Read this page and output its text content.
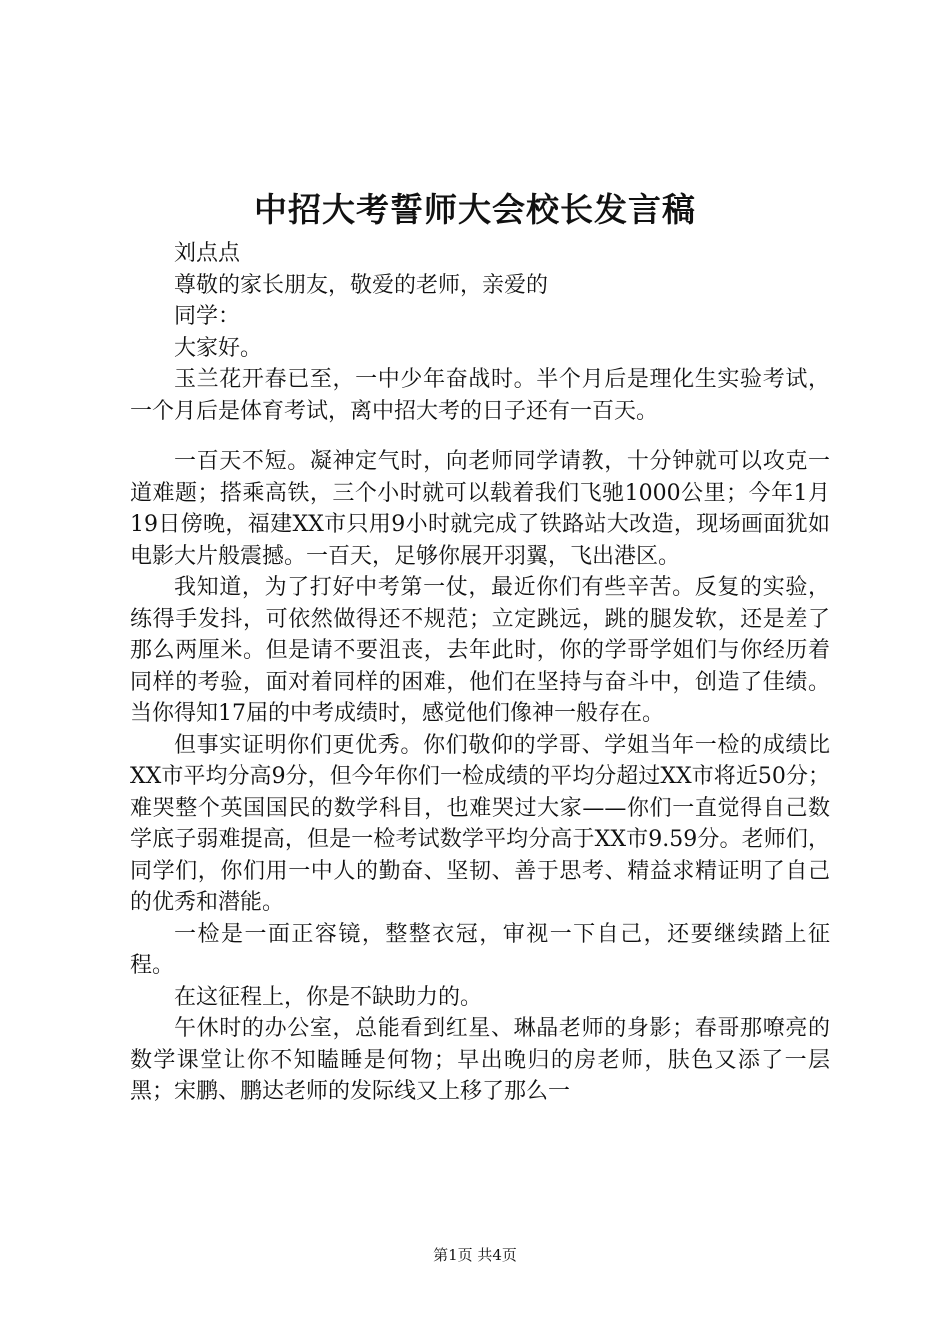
中招大考誓师大会校长发言稿

刘点点

尊敬的家长朋友，敬爱的老师，亲爱的

同学：

大家好。

玉兰花开春已至，一中少年奋战时。半个月后是理化生实验考试，一个月后是体育考试，离中招大考的日子还有一百天。

一百天不短。凝神定气时，向老师同学请教，十分钟就可以攻克一道难题；搭乘高铁，三个小时就可以载着我们飞驰1000公里；今年1月19日傍晚，福建XX市只用9小时就完成了铁路站大改造，现场画面犹如电影大片般震撼。一百天，足够你展开羽翼，飞出港区。

我知道，为了打好中考第一仗，最近你们有些辛苦。反复的实验，练得手发抖，可依然做得还不规范；立定跳远，跳的腿发软，还是差了那么两厘米。但是请不要沮丧，去年此时，你的学哥学姐们与你经历着同样的考验，面对着同样的困难，他们在坚持与奋斗中，创造了佳绩。当你得知17届的中考成绩时，感觉他们像神一般存在。

但事实证明你们更优秀。你们敬仰的学哥、学姐当年一检的成绩比XX市平均分高9分，但今年你们一检成绩的平均分超过XX市将近50分；难哭整个英国国民的数学科目，也难哭过大家——你们一直觉得自己数学底子弱难提高，但是一检考试数学平均分高于XX市9.59分。老师们，同学们，你们用一中人的勤奋、坚韧、善于思考、精益求精证明了自己的优秀和潜能。

一检是一面正容镜，整整衣冠，审视一下自己，还要继续踏上征程。

在这征程上，你是不缺助力的。

午休时的办公室，总能看到红星、琳晶老师的身影；春哥那嘹亮的数学课堂让你不知瞌睡是何物；早出晚归的房老师，肤色又添了一层黑；宋鹏、鹏达老师的发际线又上移了那么一

第1页 共4页
